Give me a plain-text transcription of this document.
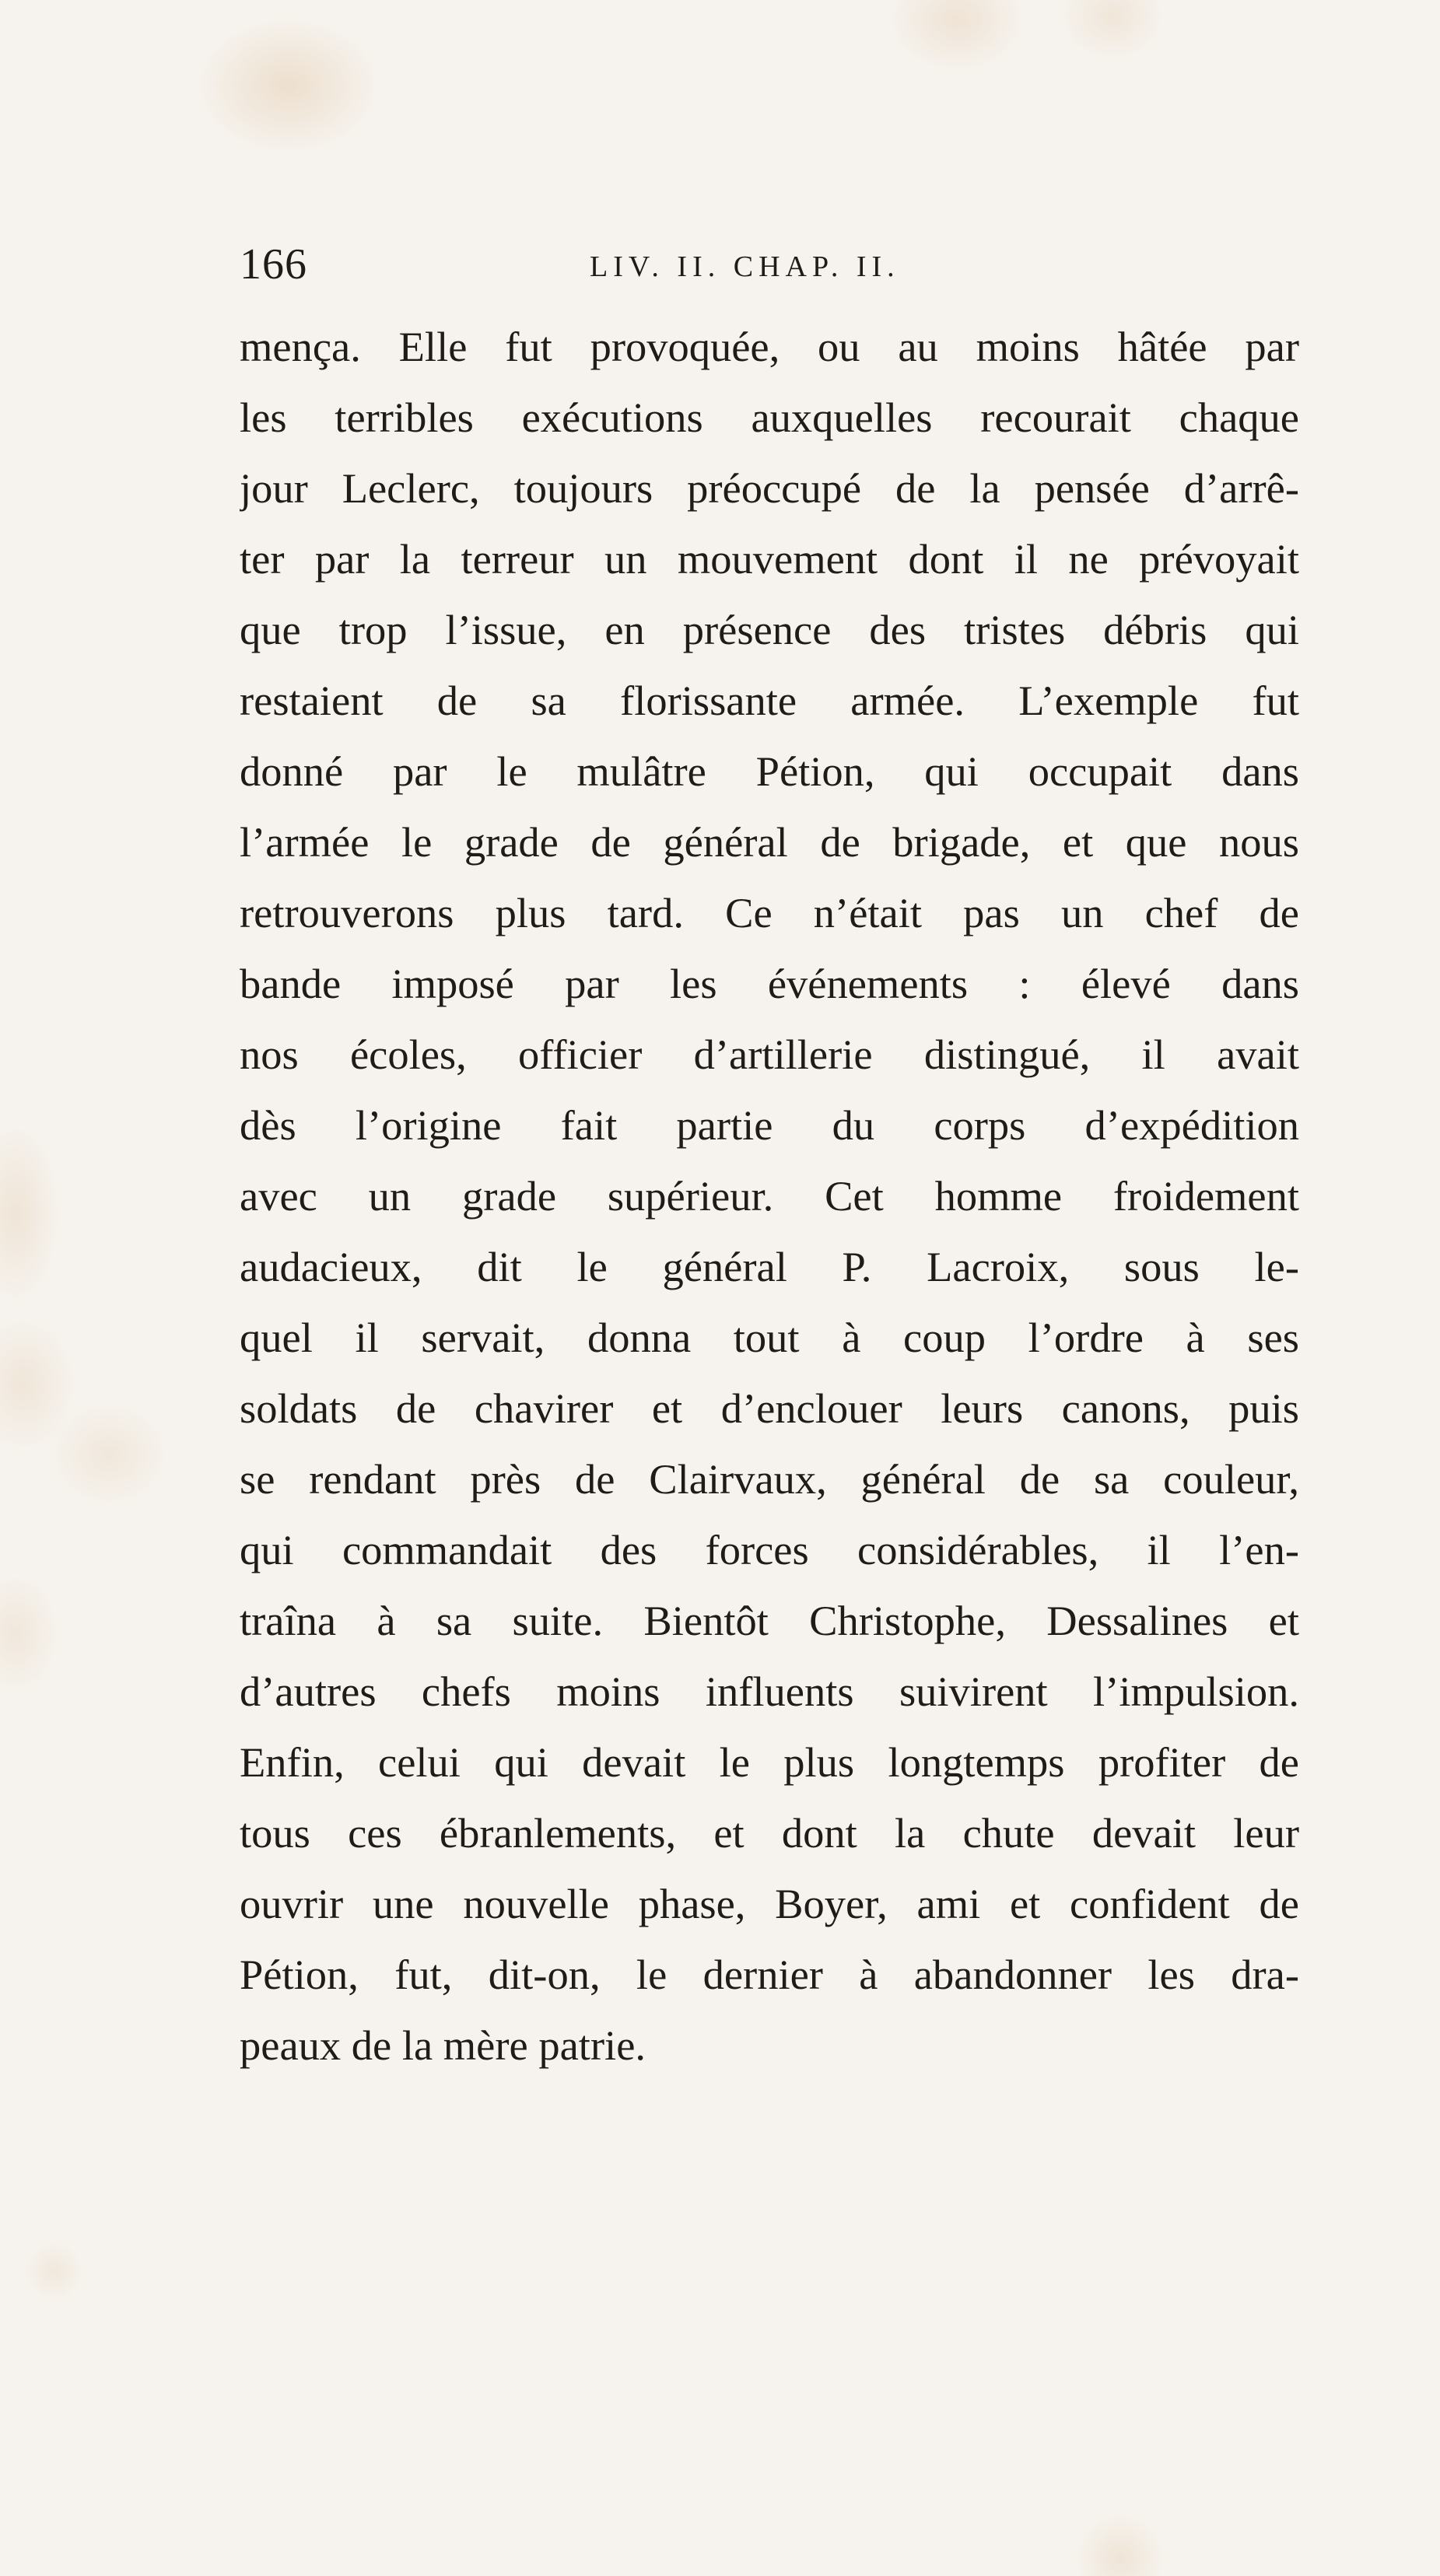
166	LIV. II. CHAP. II.
mença. Elle fut provoquée, ou au moins hâtée par
les terribles exécutions auxquelles recourait chaque
jour Leclerc, toujours préoccupé de la pensée d’arrê-
ter par la terreur un mouvement dont il ne prévoyait
que trop l’issue, en présence des tristes débris qui
restaient de sa florissante armée. L’exemple fut
donné par le mulâtre Pétion, qui occupait dans
l’armée le grade de général de brigade, et que nous
retrouverons plus tard. Ce n’était pas un chef de
bande imposé par les événements : élevé dans
nos écoles, officier d’artillerie distingué, il avait
dès l’origine fait partie du corps d’expédition
avec un grade supérieur. Cet homme froidement
audacieux, dit le général P. Lacroix, sous le-
quel il servait, donna tout à coup l’ordre à ses
soldats de chavirer et d’enclouer leurs canons, puis
se rendant près de Clairvaux, général de sa couleur,
qui commandait des forces considérables, il l’en-
traîna à sa suite. Bientôt Christophe, Dessalines et
d’autres chefs moins influents suivirent l’impulsion.
Enfin, celui qui devait le plus longtemps profiter de
tous ces ébranlements, et dont la chute devait leur
ouvrir une nouvelle phase, Boyer, ami et confident de
Pétion, fut, dit-on, le dernier à abandonner les dra-
peaux de la mère patrie.
